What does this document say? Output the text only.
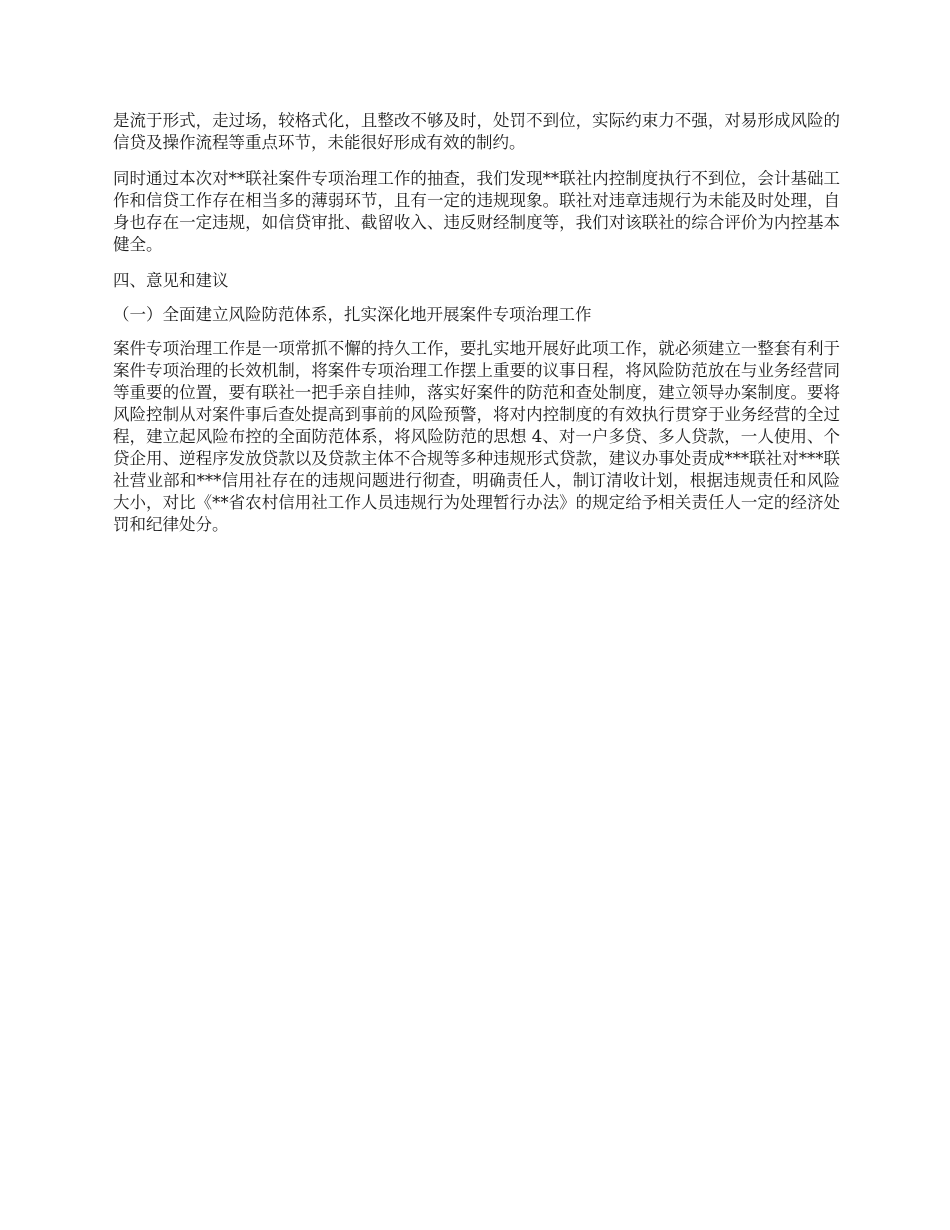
是流于形式，走过场，较格式化，且整改不够及时，处罚不到位，实际约束力不强，对易形成风险的信贷及操作流程等重点环节，未能很好形成有效的制约。

同时通过本次对**联社案件专项治理工作的抽查，我们发现**联社内控制度执行不到位，会计基础工作和信贷工作存在相当多的薄弱环节，且有一定的违规现象。联社对违章违规行为未能及时处理，自身也存在一定违规，如信贷审批、截留收入、违反财经制度等，我们对该联社的综合评价为内控基本健全。

四、意见和建议

（一）全面建立风险防范体系，扎实深化地开展案件专项治理工作

案件专项治理工作是一项常抓不懈的持久工作，要扎实地开展好此项工作，就必须建立一整套有利于案件专项治理的长效机制，将案件专项治理工作摆上重要的议事日程，将风险防范放在与业务经营同等重要的位置，要有联社一把手亲自挂帅，落实好案件的防范和查处制度，建立领导办案制度。要将风险控制从对案件事后查处提高到事前的风险预警，将对内控制度的有效执行贯穿于业务经营的全过程，建立起风险布控的全面防范体系，将风险防范的思想 4、对一户多贷、多人贷款，一人使用、个贷企用、逆程序发放贷款以及贷款主体不合规等多种违规形式贷款，建议办事处责成***联社对***联社营业部和***信用社存在的违规问题进行彻查，明确责任人，制订清收计划，根据违规责任和风险大小，对比《**省农村信用社工作人员违规行为处理暂行办法》的规定给予相关责任人一定的经济处罚和纪律处分。
